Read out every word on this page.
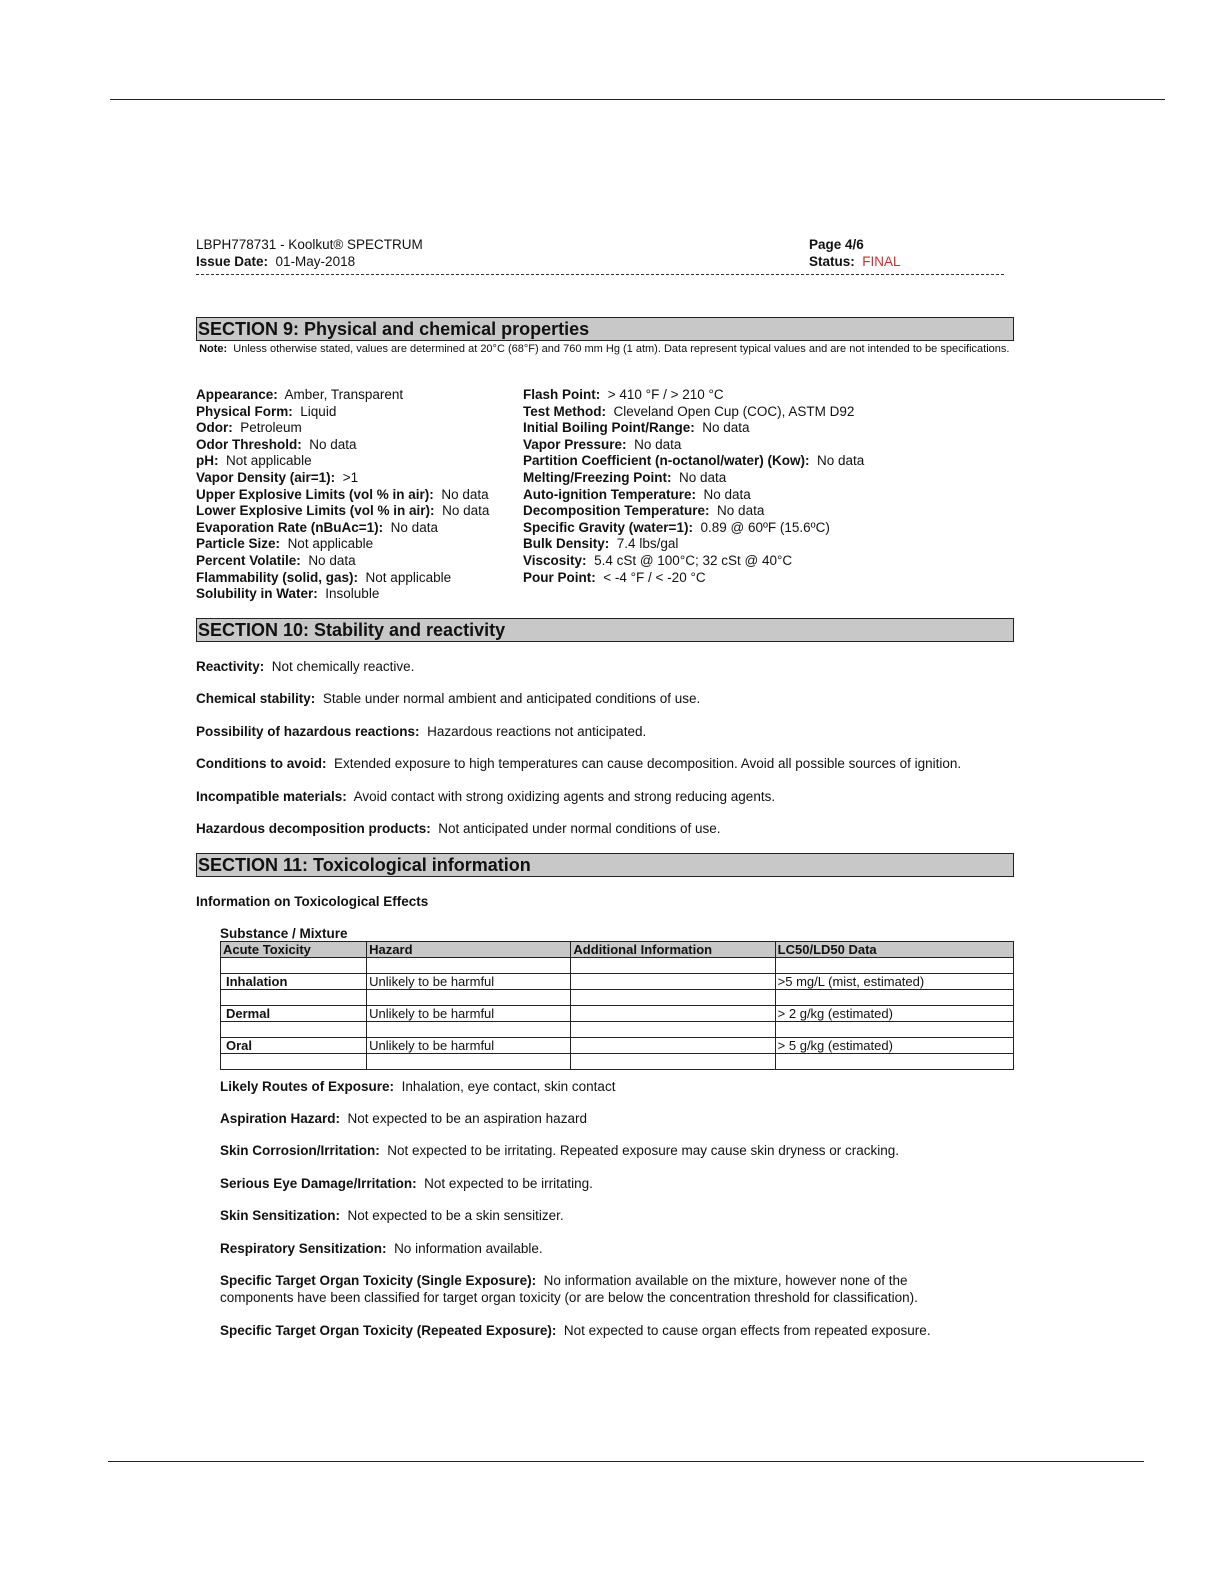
LBPH778731 - Koolkut® SPECTRUM
Issue Date: 01-May-2018
Page 4/6
Status: FINAL
SECTION 9: Physical and chemical properties
Note: Unless otherwise stated, values are determined at 20°C (68°F) and 760 mm Hg (1 atm). Data represent typical values and are not intended to be specifications.
Appearance: Amber, Transparent
Physical Form: Liquid
Odor: Petroleum
Odor Threshold: No data
pH: Not applicable
Vapor Density (air=1): >1
Upper Explosive Limits (vol % in air): No data
Lower Explosive Limits (vol % in air): No data
Evaporation Rate (nBuAc=1): No data
Particle Size: Not applicable
Percent Volatile: No data
Flammability (solid, gas): Not applicable
Solubility in Water: Insoluble
Flash Point: > 410 °F / > 210 °C
Test Method: Cleveland Open Cup (COC), ASTM D92
Initial Boiling Point/Range: No data
Vapor Pressure: No data
Partition Coefficient (n-octanol/water) (Kow): No data
Melting/Freezing Point: No data
Auto-ignition Temperature: No data
Decomposition Temperature: No data
Specific Gravity (water=1): 0.89 @ 60ºF (15.6ºC)
Bulk Density: 7.4 lbs/gal
Viscosity: 5.4 cSt @ 100°C; 32 cSt @ 40°C
Pour Point: < -4 °F / < -20 °C
SECTION 10: Stability and reactivity
Reactivity: Not chemically reactive.
Chemical stability: Stable under normal ambient and anticipated conditions of use.
Possibility of hazardous reactions: Hazardous reactions not anticipated.
Conditions to avoid: Extended exposure to high temperatures can cause decomposition. Avoid all possible sources of ignition.
Incompatible materials: Avoid contact with strong oxidizing agents and strong reducing agents.
Hazardous decomposition products: Not anticipated under normal conditions of use.
SECTION 11: Toxicological information
Information on Toxicological Effects
Substance / Mixture
Acute Toxicity	Hazard	Additional Information	LC50/LD50 Data

Inhalation	Unlikely to be harmful		>5 mg/L (mist, estimated)

Dermal	Unlikely to be harmful		> 2 g/kg (estimated)

Oral	Unlikely to be harmful		> 5 g/kg (estimated)

Likely Routes of Exposure: Inhalation, eye contact, skin contact
Aspiration Hazard: Not expected to be an aspiration hazard
Skin Corrosion/Irritation: Not expected to be irritating. Repeated exposure may cause skin dryness or cracking.
Serious Eye Damage/Irritation: Not expected to be irritating.
Skin Sensitization: Not expected to be a skin sensitizer.
Respiratory Sensitization: No information available.
Specific Target Organ Toxicity (Single Exposure): No information available on the mixture, however none of the components have been classified for target organ toxicity (or are below the concentration threshold for classification).
Specific Target Organ Toxicity (Repeated Exposure): Not expected to cause organ effects from repeated exposure.
